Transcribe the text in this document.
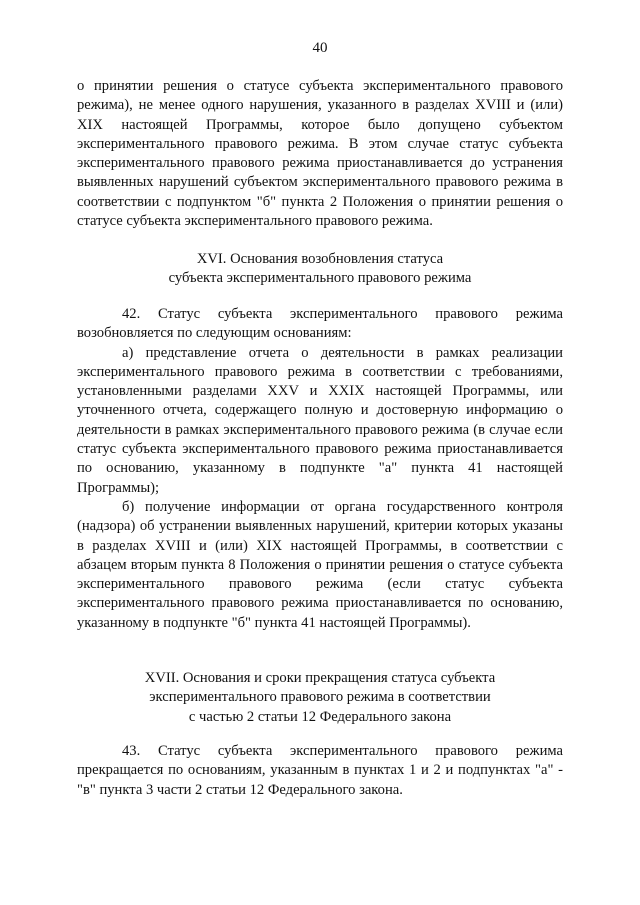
40

о принятии решения о статусе субъекта экспериментального правового режима), не менее одного нарушения, указанного в разделах XVIII и (или) XIX настоящей Программы, которое было допущено субъектом экспериментального правового режима. В этом случае статус субъекта экспериментального правового режима приостанавливается до устранения выявленных нарушений субъектом экспериментального правового режима в соответствии с подпунктом "б" пункта 2 Положения о принятии решения о статусе субъекта экспериментального правового режима.

XVI. Основания возобновления статуса

субъекта экспериментального правового режима

42. Статус субъекта экспериментального правового режима возобновляется по следующим основаниям:

а) представление отчета о деятельности в рамках реализации экспериментального правового режима в соответствии с требованиями, установленными разделами XXV и XXIX настоящей Программы, или уточненного отчета, содержащего полную и достоверную информацию о деятельности в рамках экспериментального правового режима (в случае если статус субъекта экспериментального правового режима приостанавливается по основанию, указанному в подпункте "а" пункта 41 настоящей Программы);

б) получение информации от органа государственного контроля (надзора) об устранении выявленных нарушений, критерии которых указаны в разделах XVIII и (или) XIX настоящей Программы, в соответствии с абзацем вторым пункта 8 Положения о принятии решения о статусе субъекта экспериментального правового режима (если статус субъекта экспериментального правового режима приостанавливается по основанию, указанному в подпункте "б" пункта 41 настоящей Программы).

XVII. Основания и сроки прекращения статуса субъекта

экспериментального правового режима в соответствии

с частью 2 статьи 12 Федерального закона

43. Статус субъекта экспериментального правового режима прекращается по основаниям, указанным в пунктах 1 и 2 и подпунктах "а" - "в" пункта 3 части 2 статьи 12 Федерального закона.
